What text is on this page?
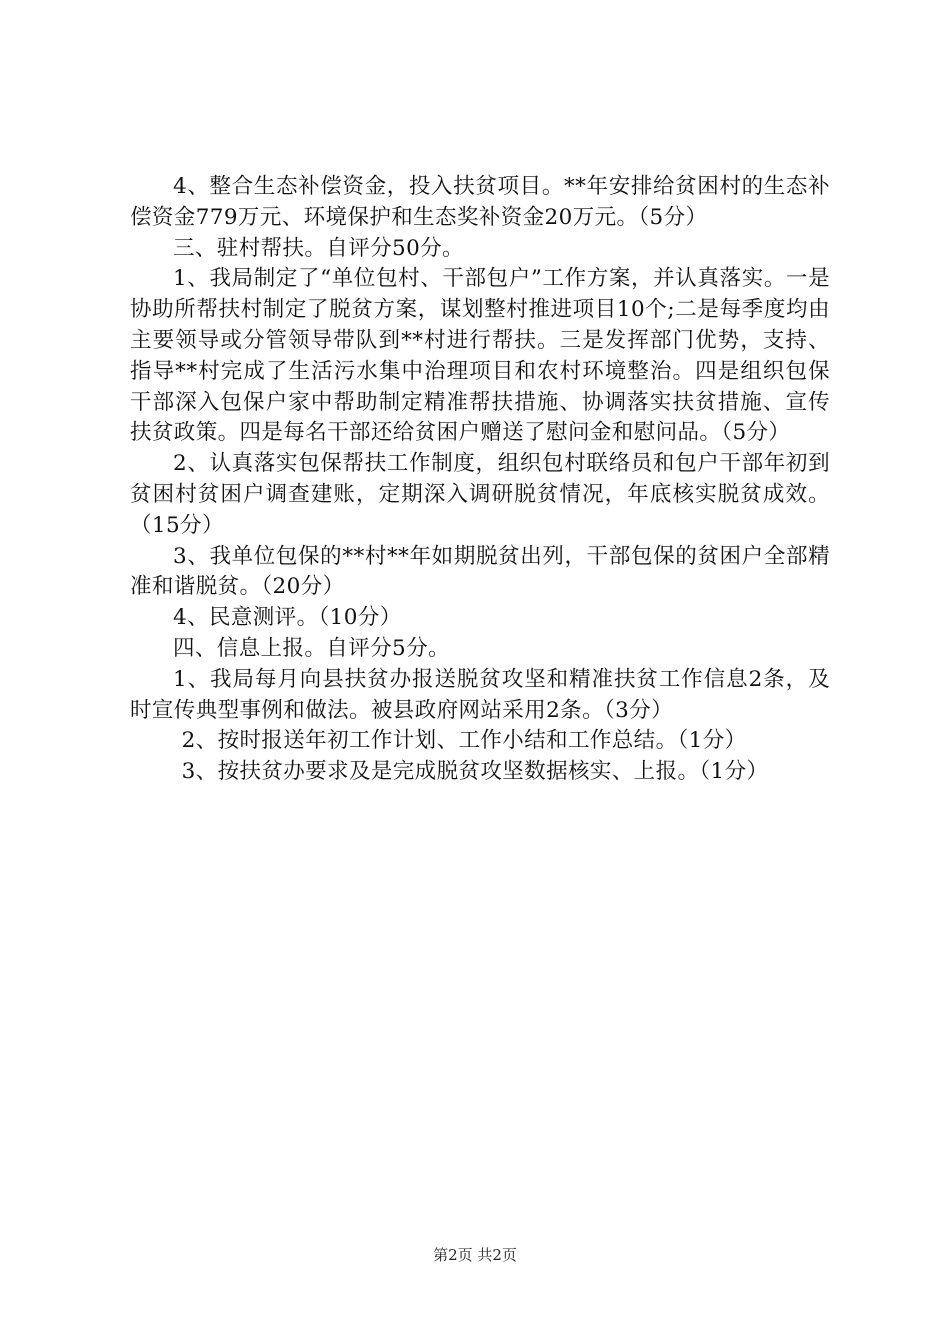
4、整合生态补偿资金，投入扶贫项目。**年安排给贫困村的生态补偿资金779万元、环境保护和生态奖补资金20万元。（5分）

三、驻村帮扶。自评分50分。

1、我局制定了“单位包村、干部包户”工作方案，并认真落实。一是协助所帮扶村制定了脱贫方案，谋划整村推进项目10个;二是每季度均由主要领导或分管领导带队到**村进行帮扶。三是发挥部门优势，支持、指导**村完成了生活污水集中治理项目和农村环境整治。四是组织包保干部深入包保户家中帮助制定精准帮扶措施、协调落实扶贫措施、宣传扶贫政策。四是每名干部还给贫困户赠送了慰问金和慰问品。（5分）

2、认真落实包保帮扶工作制度，组织包村联络员和包户干部年初到贫困村贫困户调查建账，定期深入调研脱贫情况，年底核实脱贫成效。（15分）

3、我单位包保的**村**年如期脱贫出列，干部包保的贫困户全部精准和谐脱贫。（20分）

4、民意测评。（10分）

四、信息上报。自评分5分。

1、我局每月向县扶贫办报送脱贫攻坚和精准扶贫工作信息2条，及时宣传典型事例和做法。被县政府网站采用2条。（3分）

2、按时报送年初工作计划、工作小结和工作总结。（1分）

3、按扶贫办要求及是完成脱贫攻坚数据核实、上报。（1分）

第2页 共2页
